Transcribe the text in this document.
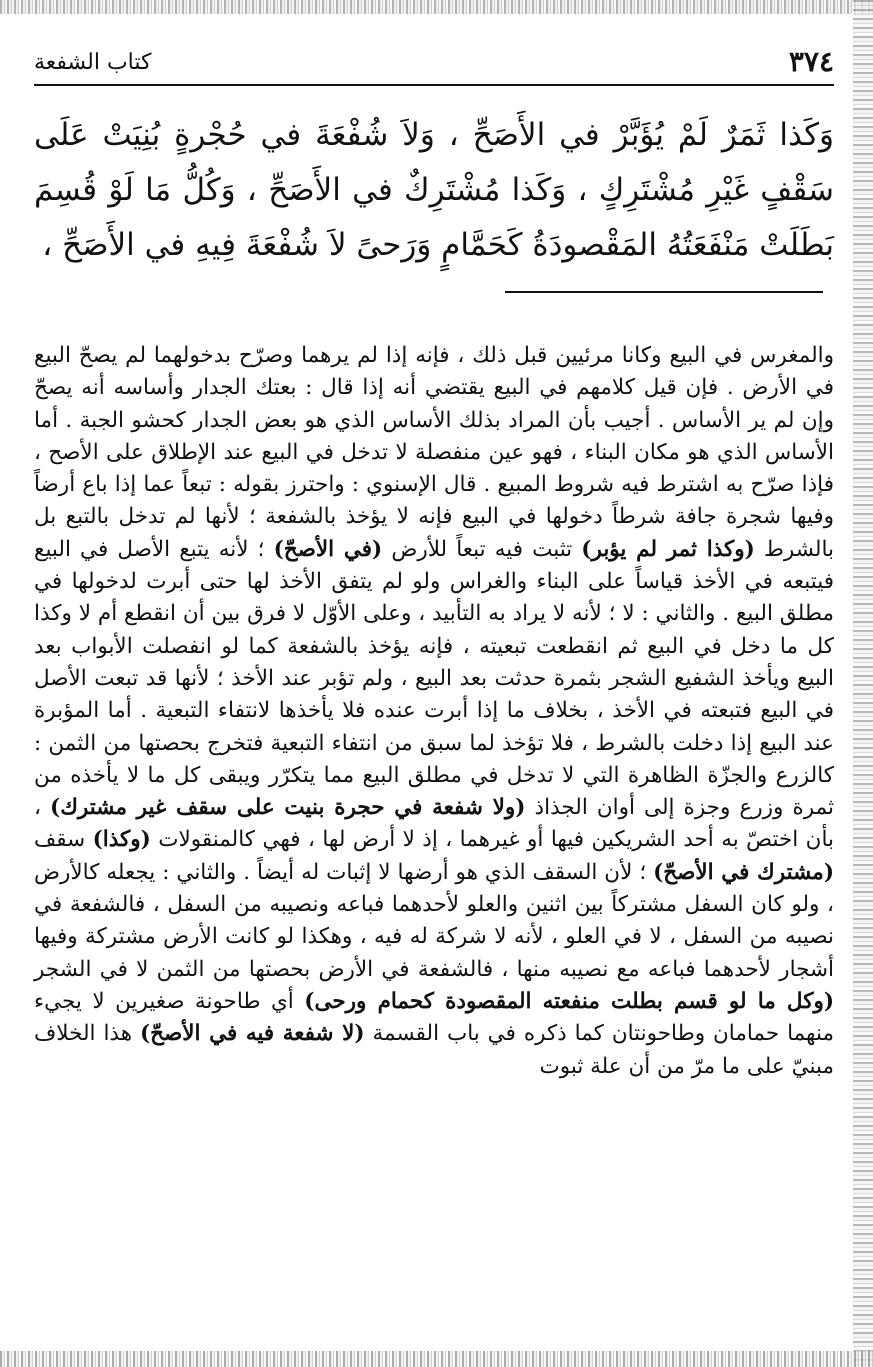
٣٧٤
كتاب الشفعة

وَكَذا ثَمَرٌ لَمْ يُؤَبَّرْ في الأَصَحِّ ، وَلاَ شُفْعَةَ في حُجْرةٍ بُنِيَتْ عَلَى سَقْفٍ غَيْرِ مُشْتَرِكٍ ، وَكَذا مُشْتَرِكٌ في الأَصَحِّ ، وَكُلُّ مَا لَوْ قُسِمَ بَطَلَتْ مَنْفَعَتُهُ المَقْصودَةُ كَحَمَّامٍ وَرَحىً لاَ شُفْعَةَ فِيهِ في الأَصَحِّ ،

والمغرس في البيع وكانا مرئيين قبل ذلك ، فإنه إذا لم يرهما وصرّح بدخولهما لم يصحّ البيع في الأرض . فإن قيل كلامهم في البيع يقتضي أنه إذا قال : بعتك الجدار وأساسه أنه يصحّ وإن لم ير الأساس . أجيب بأن المراد بذلك الأساس الذي هو بعض الجدار كحشو الجبة . أما الأساس الذي هو مكان البناء ، فهو عين منفصلة لا تدخل في البيع عند الإطلاق على الأصح ، فإذا صرّح به اشترط فيه شروط المبيع . قال الإسنوي : واحترز بقوله : تبعاً عما إذا باع أرضاً وفيها شجرة جافة شرطاً دخولها في البيع فإنه لا يؤخذ بالشفعة ؛ لأنها لم تدخل بالتبع بل بالشرط (وكذا ثمر لم يؤبر) تثبت فيه تبعاً للأرض (في الأصحّ) ؛ لأنه يتبع الأصل في البيع فيتبعه في الأخذ قياساً على البناء والغراس ولو لم يتفق الأخذ لها حتى أبرت لدخولها في مطلق البيع . والثاني : لا ؛ لأنه لا يراد به التأبيد ، وعلى الأوّل لا فرق بين أن انقطع أم لا وكذا كل ما دخل في البيع ثم انقطعت تبعيته ، فإنه يؤخذ بالشفعة كما لو انفصلت الأبواب بعد البيع ويأخذ الشفيع الشجر بثمرة حدثت بعد البيع ، ولم تؤبر عند الأخذ ؛ لأنها قد تبعت الأصل في البيع فتبعته في الأخذ ، بخلاف ما إذا أبرت عنده فلا يأخذها لانتفاء التبعية . أما المؤبرة عند البيع إذا دخلت بالشرط ، فلا تؤخذ لما سبق من انتفاء التبعية فتخرج بحصتها من الثمن : كالزرع والجزّة الظاهرة التي لا تدخل في مطلق البيع مما يتكرّر ويبقى كل ما لا يأخذه من ثمرة وزرع وجزة إلى أوان الجذاذ (ولا شفعة في حجرة بنيت على سقف غير مشترك) ، بأن اختصّ به أحد الشريكين فيها أو غيرهما ، إذ لا أرض لها ، فهي كالمنقولات (وكذا) سقف (مشترك في الأصحّ) ؛ لأن السقف الذي هو أرضها لا إثبات له أيضاً . والثاني : يجعله كالأرض ، ولو كان السفل مشتركاً بين اثنين والعلو لأحدهما فباعه ونصيبه من السفل ، فالشفعة في نصيبه من السفل ، لا في العلو ، لأنه لا شركة له فيه ، وهكذا لو كانت الأرض مشتركة وفيها أشجار لأحدهما فباعه مع نصيبه منها ، فالشفعة في الأرض بحصتها من الثمن لا في الشجر (وكل ما لو قسم بطلت منفعته المقصودة كحمام ورحى) أي طاحونة صغيرين لا يجيء منهما حمامان وطاحونتان كما ذكره في باب القسمة (لا شفعة فيه في الأصحّ) هذا الخلاف مبنيّ على ما مرّ من أن علة ثبوت
